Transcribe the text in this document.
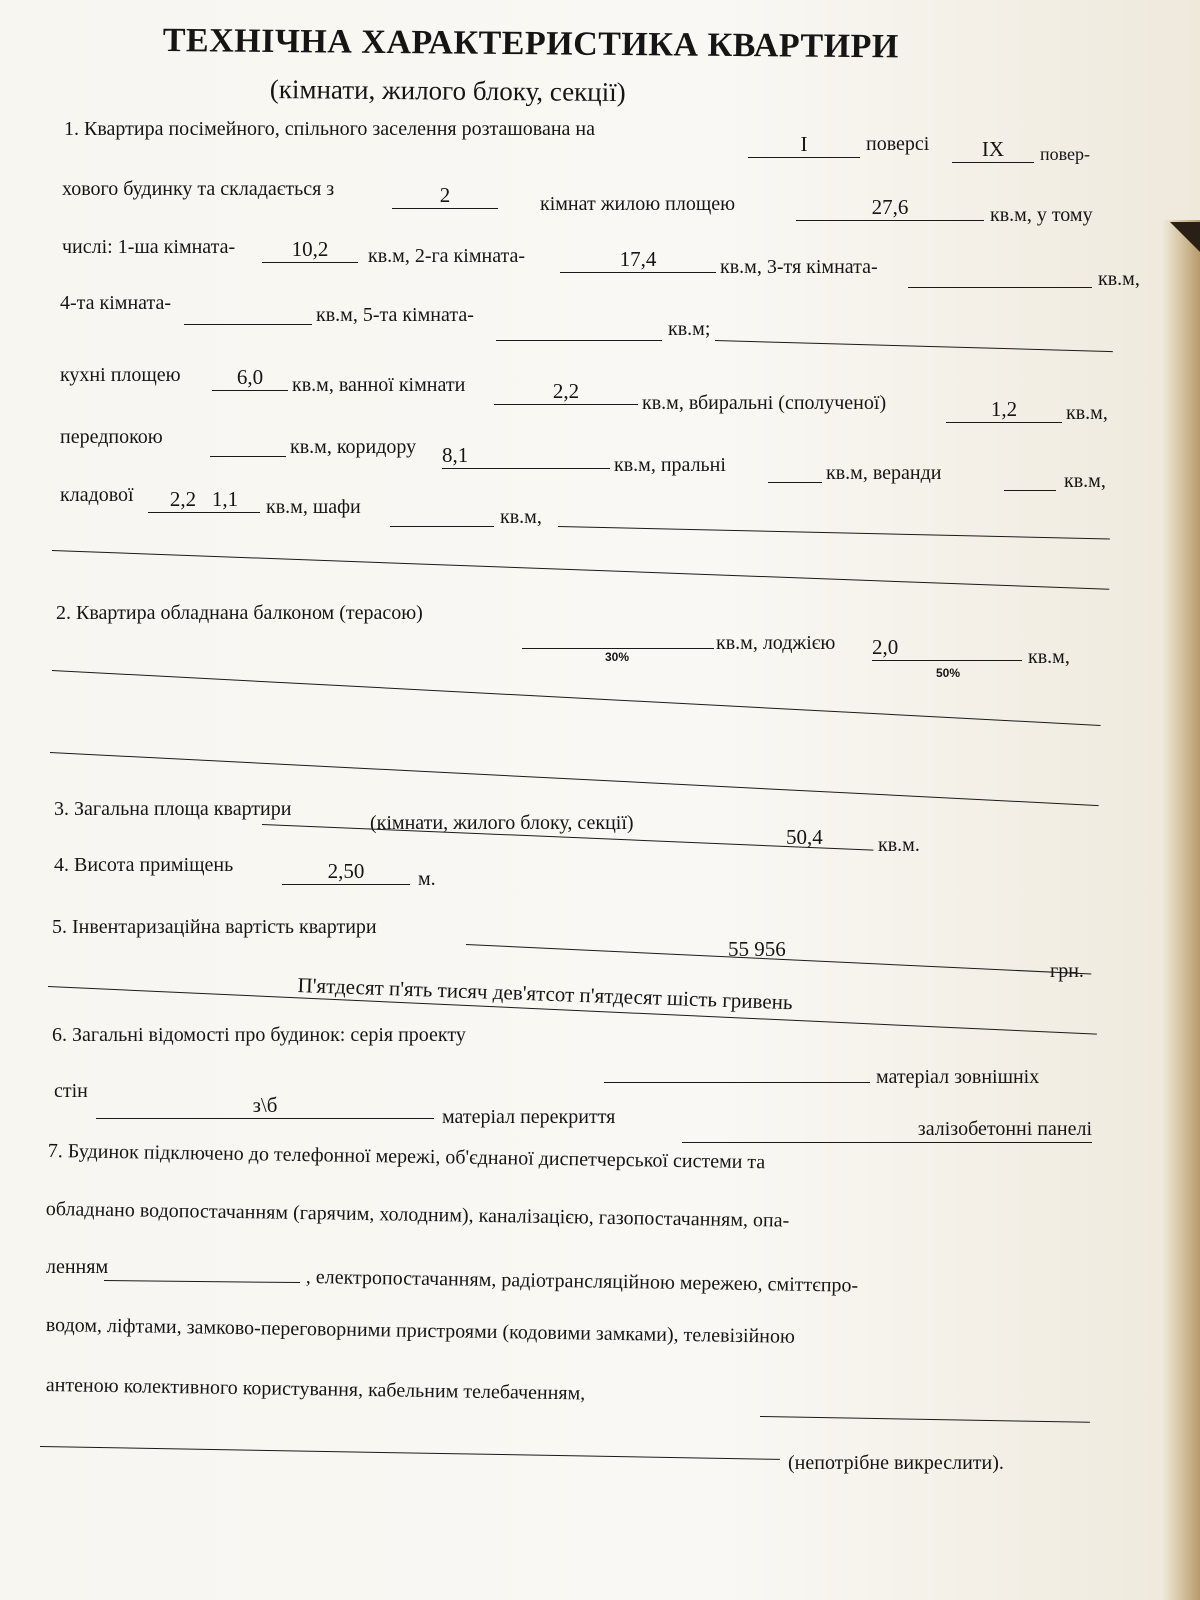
ТЕХНІЧНА ХАРАКТЕРИСТИКА КВАРТИРИ
(кімнати, жилого блоку, секції)
1. Квартира посімейного, спільного заселення розташована на
I	поверсі	IX	повер-
хового будинку та складається з	2	кімнат жилою площею	27,6	кв.м, у тому
числі: 1-ша кімната-	10,2	кв.м, 2-га кімната-	17,4	кв.м, 3-тя кімната-
кв.м,
4-та кімната-
кв.м, 5-та кімната-
кв.м;
кухні площею	6,0	кв.м, ванної кімнати	2,2	кв.м, вбиральні (сполученої)	1,2	кв.м,
передпокою	кв.м, коридору 8,1	кв.м, пральні	кв.м, веранди	кв.м,
кладової	2,2   1,1	кв.м, шафи	кв.м,
2. Квартира обладнана балконом (терасою)
30%
кв.м, лоджією 2,0
50%
кв.м,
3. Загальна площа квартири
(кімнати, жилого блоку, секції)
50,4	кв.м.
4. Висота приміщень	2,50	м.
5. Інвентаризаційна вартість квартири
55 956
грн.
П'ятдесят п'ять тисяч дев'ятсот п'ятдесят шість гривень
6. Загальні відомості про будинок: серія проекту
матеріал зовнішніх
стін
з\б	матеріал перекриття
залізобетонні панелі
7. Будинок підключено до телефонної мережі, об'єднаної диспетчерської системи та
обладнано водопостачанням (гарячим, холодним), каналізацією, газопостачанням, опа-
ленням	, електропостачанням, радіотрансляційною мережею, сміттєпро-
водом, ліфтами, замково-переговорними пристроями (кодовими замками), телевізійною
антеною колективного користування, кабельним телебаченням,
(непотрібне викреслити).
